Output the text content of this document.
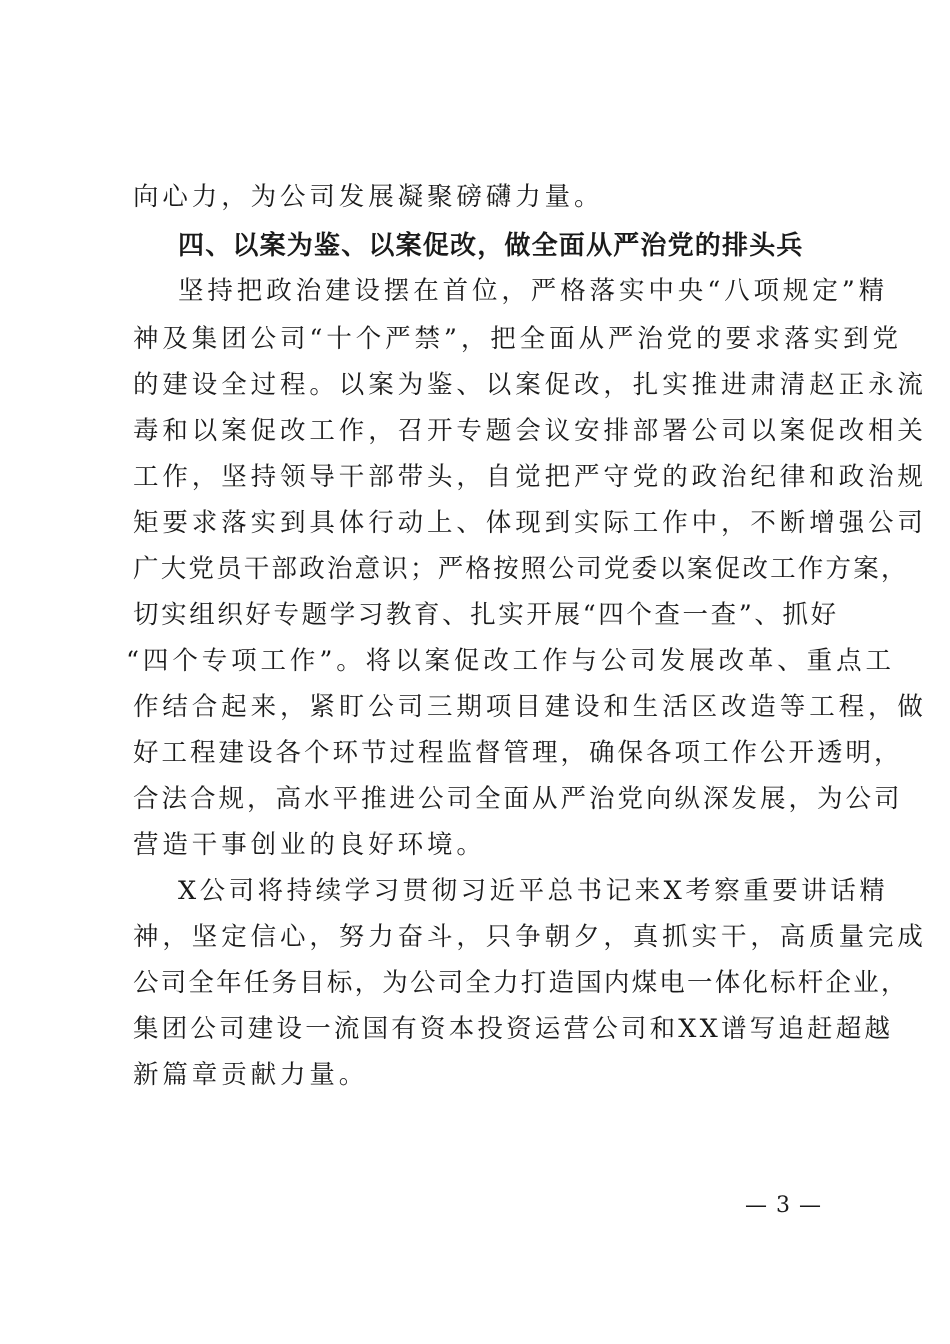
向心力，为公司发展凝聚磅礴力量。
四、以案为鉴、以案促改，做全面从严治党的排头兵
坚持把政治建设摆在首位，严格落实中央“八项规定”精
神及集团公司“十个严禁”，把全面从严治党的要求落实到党
的建设全过程。以案为鉴、以案促改，扎实推进肃清赵正永流
毒和以案促改工作，召开专题会议安排部署公司以案促改相关
工作，坚持领导干部带头，自觉把严守党的政治纪律和政治规
矩要求落实到具体行动上、体现到实际工作中，不断增强公司
广大党员干部政治意识；严格按照公司党委以案促改工作方案，
切实组织好专题学习教育、扎实开展“四个查一查”、抓好
“四个专项工作”。将以案促改工作与公司发展改革、重点工
作结合起来，紧盯公司三期项目建设和生活区改造等工程，做
好工程建设各个环节过程监督管理，确保各项工作公开透明，
合法合规，高水平推进公司全面从严治党向纵深发展，为公司
营造干事创业的良好环境。
X公司将持续学习贯彻习近平总书记来X考察重要讲话精
神，坚定信心，努力奋斗，只争朝夕，真抓实干，高质量完成
公司全年任务目标，为公司全力打造国内煤电一体化标杆企业，
集团公司建设一流国有资本投资运营公司和XX谱写追赶超越
新篇章贡献力量。
— 3 —
